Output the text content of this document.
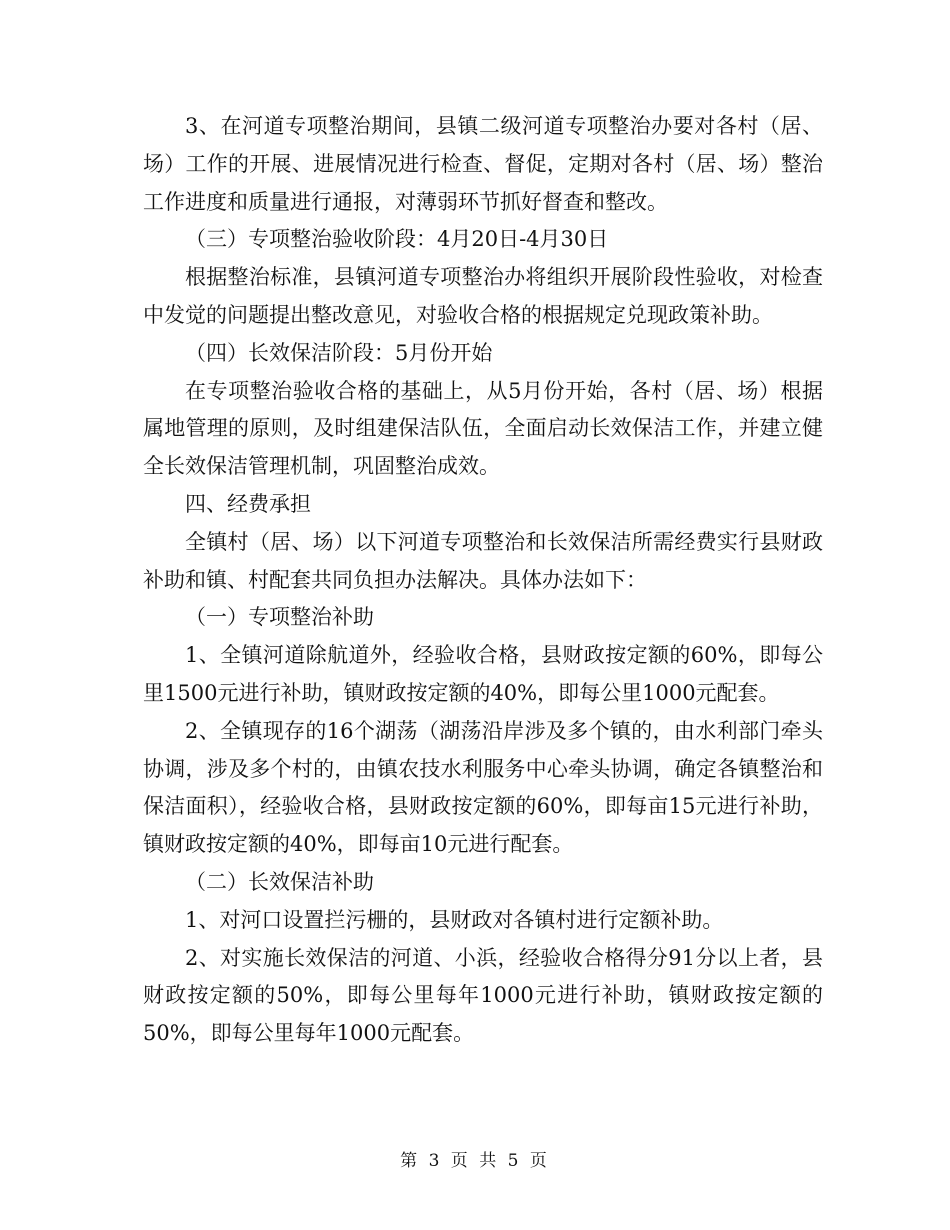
3、在河道专项整治期间，县镇二级河道专项整治办要对各村（居、场）工作的开展、进展情况进行检查、督促，定期对各村（居、场）整治工作进度和质量进行通报，对薄弱环节抓好督查和整改。

（三）专项整治验收阶段：4月20日-4月30日

根据整治标准，县镇河道专项整治办将组织开展阶段性验收，对检查中发觉的问题提出整改意见，对验收合格的根据规定兑现政策补助。

（四）长效保洁阶段：5月份开始

在专项整治验收合格的基础上，从5月份开始，各村（居、场）根据属地管理的原则，及时组建保洁队伍，全面启动长效保洁工作，并建立健全长效保洁管理机制，巩固整治成效。

四、经费承担

全镇村（居、场）以下河道专项整治和长效保洁所需经费实行县财政补助和镇、村配套共同负担办法解决。具体办法如下：

（一）专项整治补助

1、全镇河道除航道外，经验收合格，县财政按定额的60%，即每公里1500元进行补助，镇财政按定额的40%，即每公里1000元配套。

2、全镇现存的16个湖荡（湖荡沿岸涉及多个镇的，由水利部门牵头协调，涉及多个村的，由镇农技水利服务中心牵头协调，确定各镇整治和保洁面积），经验收合格，县财政按定额的60%，即每亩15元进行补助，镇财政按定额的40%，即每亩10元进行配套。

（二）长效保洁补助

1、对河口设置拦污栅的，县财政对各镇村进行定额补助。

2、对实施长效保洁的河道、小浜，经验收合格得分91分以上者，县财政按定额的50%，即每公里每年1000元进行补助，镇财政按定额的50%，即每公里每年1000元配套。

第 3 页 共 5 页
